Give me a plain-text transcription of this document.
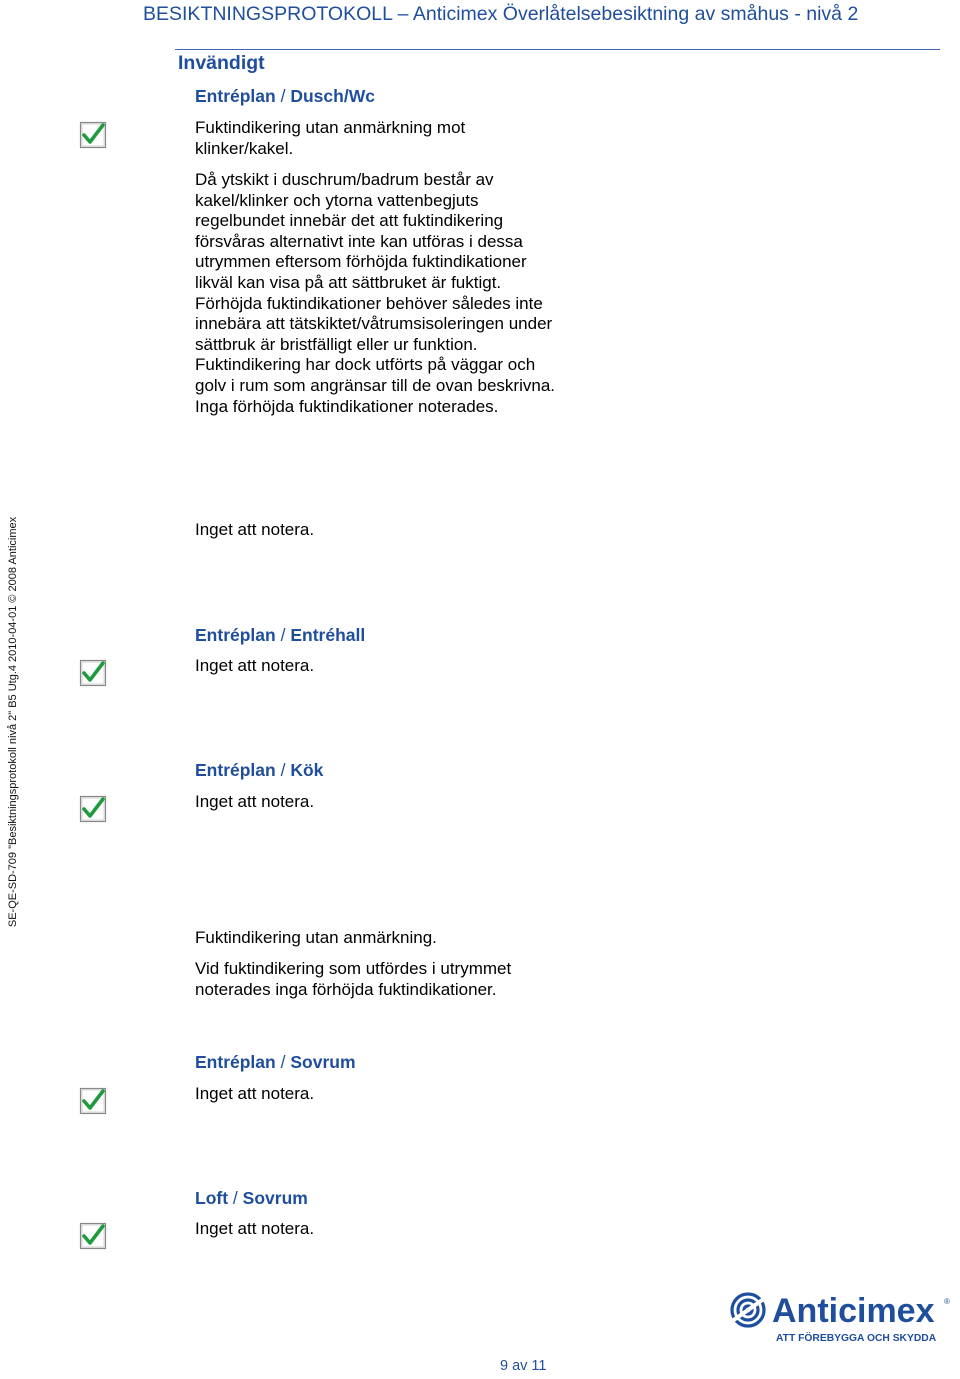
BESIKTNINGSPROTOKOLL – Anticimex Överlåtelsebesiktning av småhus - nivå 2
Invändigt
SE-QE-SD-709 "Besiktningsprotokoll nivå 2" B5 Utg.4 2010-04-01 © 2008 Anticimex
Entréplan / Dusch/Wc
Fuktindikering utan anmärkning mot klinker/kakel.
Då ytskikt i duschrum/badrum består av kakel/klinker och ytorna vattenbegjuts regelbundet innebär det att fuktindikering försvåras alternativt inte kan utföras i dessa utrymmen eftersom förhöjda fuktindikationer likväl kan visa på att sättbruket är fuktigt. Förhöjda fuktindikationer behöver således inte innebära att tätskiktet/våtrumsisoleringen under sättbruk är bristfälligt eller ur funktion. Fuktindikering har dock utförts på väggar och golv i rum som angränsar till de ovan beskrivna. Inga förhöjda fuktindikationer noterades.
Inget att notera.
Entréplan / Entréhall
Inget att notera.
Entréplan / Kök
Inget att notera.
Fuktindikering utan anmärkning.
Vid fuktindikering som utfördes i utrymmet noterades inga förhöjda fuktindikationer.
Entréplan / Sovrum
Inget att notera.
Loft / Sovrum
Inget att notera.
Anticimex ®
ATT FÖREBYGGA OCH SKYDDA
9 av 11
